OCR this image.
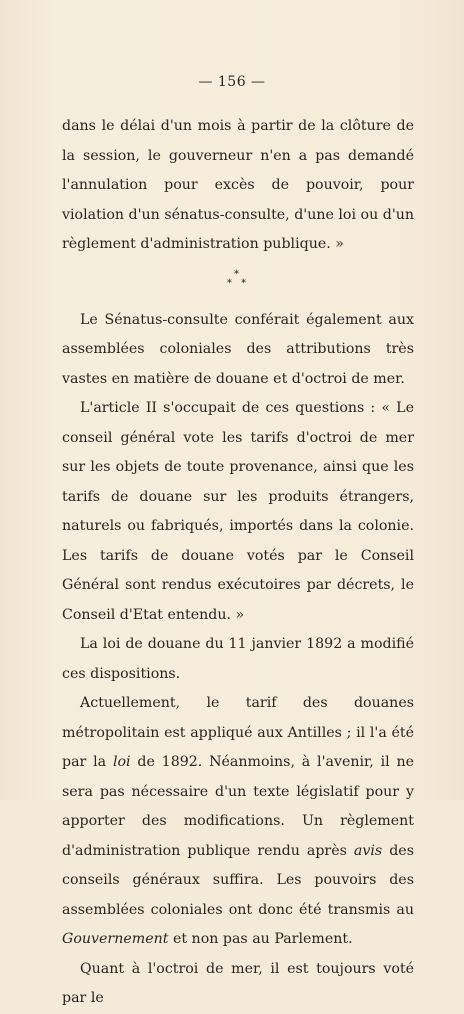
— 156 —

dans le délai d'un mois à partir de la clôture de la session, le gouverneur n'en a pas demandé l'annulation pour excès de pouvoir, pour violation d'un sénatus-consulte, d'une loi ou d'un règlement d'administration publique. »

*
* *

Le Sénatus-consulte conférait également aux assemblées coloniales des attributions très vastes en matière de douane et d'octroi de mer.

L'article II s'occupait de ces questions : « Le conseil général vote les tarifs d'octroi de mer sur les objets de toute provenance, ainsi que les tarifs de douane sur les produits étrangers, naturels ou fabriqués, importés dans la colonie. Les tarifs de douane votés par le Conseil Général sont rendus exécutoires par décrets, le Conseil d'Etat entendu. »

La loi de douane du 11 janvier 1892 a modifié ces dispositions.

Actuellement, le tarif des douanes métropolitain est appliqué aux Antilles ; il l'a été par la loi de 1892. Néanmoins, à l'avenir, il ne sera pas nécessaire d'un texte législatif pour y apporter des modifications. Un règlement d'administration publique rendu après avis des conseils généraux suffira. Les pouvoirs des assemblées coloniales ont donc été transmis au Gouvernement et non pas au Parlement.

Quant à l'octroi de mer, il est toujours voté par le
